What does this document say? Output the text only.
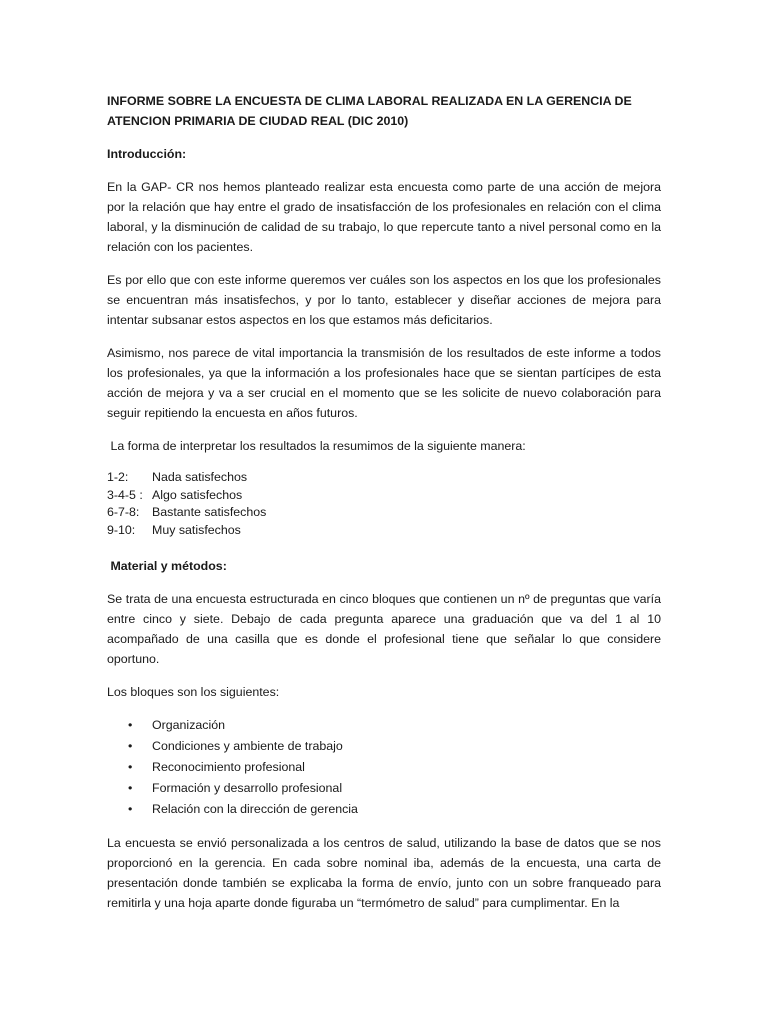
INFORME SOBRE LA ENCUESTA DE CLIMA LABORAL REALIZADA EN LA GERENCIA DE ATENCION PRIMARIA DE CIUDAD REAL (DIC 2010)
Introducción:

En la GAP- CR nos hemos planteado realizar esta encuesta como parte de una acción de mejora por la relación que hay entre el grado de insatisfacción de los profesionales en relación con el clima laboral, y la disminución de calidad de su trabajo, lo que repercute tanto a nivel personal como en la relación con los pacientes.

Es por ello que con este informe queremos ver cuáles son los aspectos en los que los profesionales se encuentran más insatisfechos, y por lo tanto, establecer y diseñar acciones de mejora para intentar subsanar estos aspectos en los que estamos más deficitarios.

Asimismo, nos parece de vital importancia la transmisión de los resultados de este informe a todos los profesionales, ya que la información a los profesionales hace que se sientan partícipes de esta acción de mejora y va a ser crucial en el momento que se les solicite de nuevo colaboración para seguir repitiendo la encuesta en años futuros.

La forma de interpretar los resultados la resumimos de la siguiente manera:

1-2:	Nada satisfechos
3-4-5 : Algo satisfechos
6-7-8:	Bastante satisfechos
9-10:	Muy satisfechos
Material y métodos:

Se trata de una encuesta estructurada en cinco bloques que contienen un nº de preguntas que varía entre cinco y siete. Debajo de cada pregunta aparece una graduación que va del 1 al 10 acompañado de una casilla que es donde el profesional tiene que señalar lo que considere oportuno.

Los bloques son los siguientes:

• Organización
• Condiciones y ambiente de trabajo
• Reconocimiento profesional
• Formación y desarrollo profesional
• Relación con la dirección de gerencia

La encuesta se envió personalizada a los centros de salud, utilizando la base de datos que se nos proporcionó en la gerencia. En cada sobre nominal iba, además de la encuesta, una carta de presentación donde también se explicaba la forma de envío, junto con un sobre franqueado para remitirla y una hoja aparte donde figuraba un “termómetro de salud” para cumplimentar. En la
